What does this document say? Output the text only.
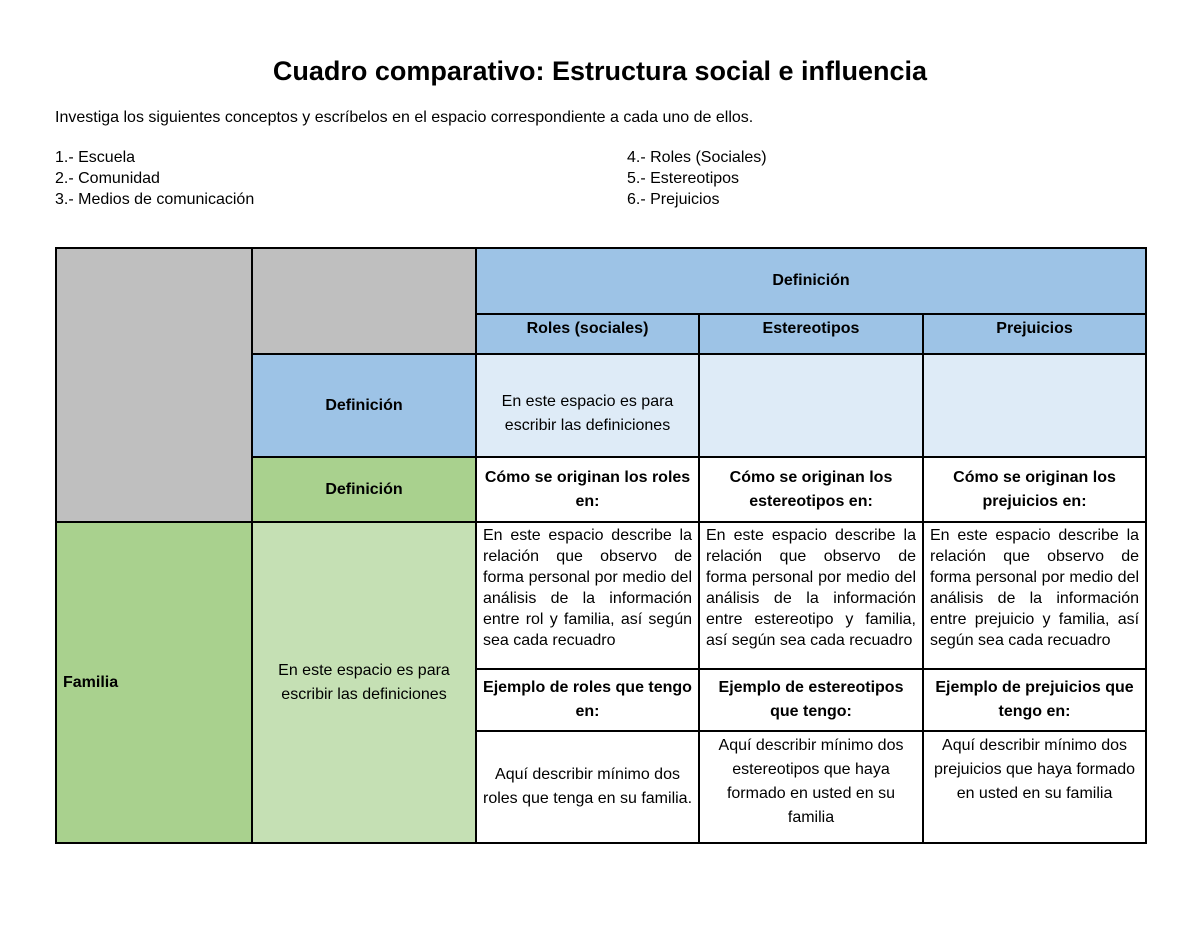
Cuadro comparativo: Estructura social e influencia
Investiga los siguientes conceptos y escríbelos en el espacio correspondiente a cada uno de ellos.
1.- Escuela
2.- Comunidad
3.- Medios de comunicación
4.- Roles (Sociales)
5.- Estereotipos
6.- Prejuicios
		Definición		
		Roles (sociales)	Estereotipos	Prejuicios
	Definición	En este espacio es para escribir las definiciones		
	Definición	Cómo se originan los roles en:	Cómo se originan los estereotipos en:	Cómo se originan los prejuicios en:
Familia	En este espacio es para escribir las definiciones	En este espacio describe la relación que observo de forma personal por medio del análisis de la información entre rol y familia, así según sea cada recuadro	En este espacio describe la relación que observo de forma personal por medio del análisis de la información entre estereotipo y familia, así según sea cada recuadro	En este espacio describe la relación que observo de forma personal por medio del análisis de la información entre prejuicio y familia, así según sea cada recuadro
		Ejemplo de roles que tengo en:	Ejemplo de estereotipos que tengo:	Ejemplo de prejuicios que tengo en:
		Aquí describir mínimo dos roles que tenga en su familia.	Aquí describir mínimo dos estereotipos que haya formado en usted en su familia	Aquí describir mínimo dos prejuicios que haya formado en usted en su familia
